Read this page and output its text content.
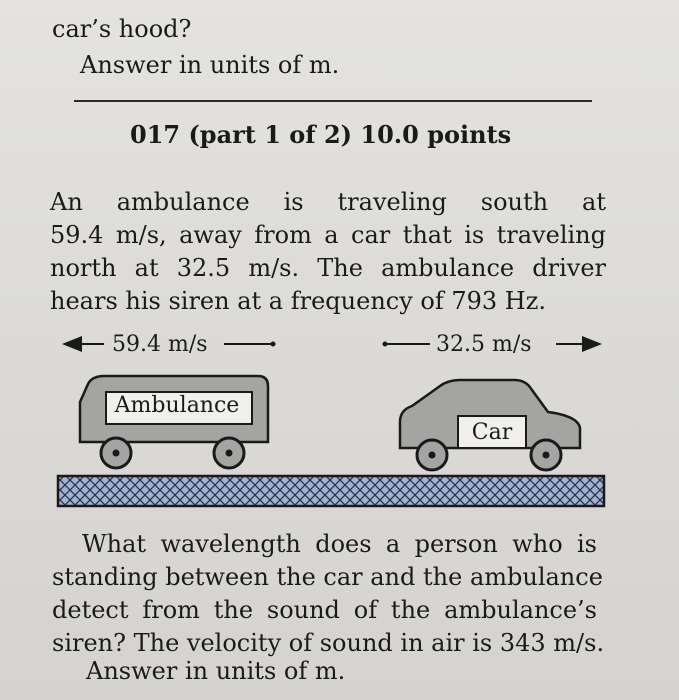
car’s hood?
Answer in units of m.
017 (part 1 of 2) 10.0 points
An ambulance is traveling south at
59.4 m/s, away from a car that is traveling
north at 32.5 m/s. The ambulance driver
hears his siren at a frequency of 793 Hz.
59.4 m/s	32.5 m/s
Ambulance
Car
What wavelength does a person who is
standing between the car and the ambulance
detect from the sound of the ambulance’s
siren? The velocity of sound in air is 343 m/s.
Answer in units of m.
